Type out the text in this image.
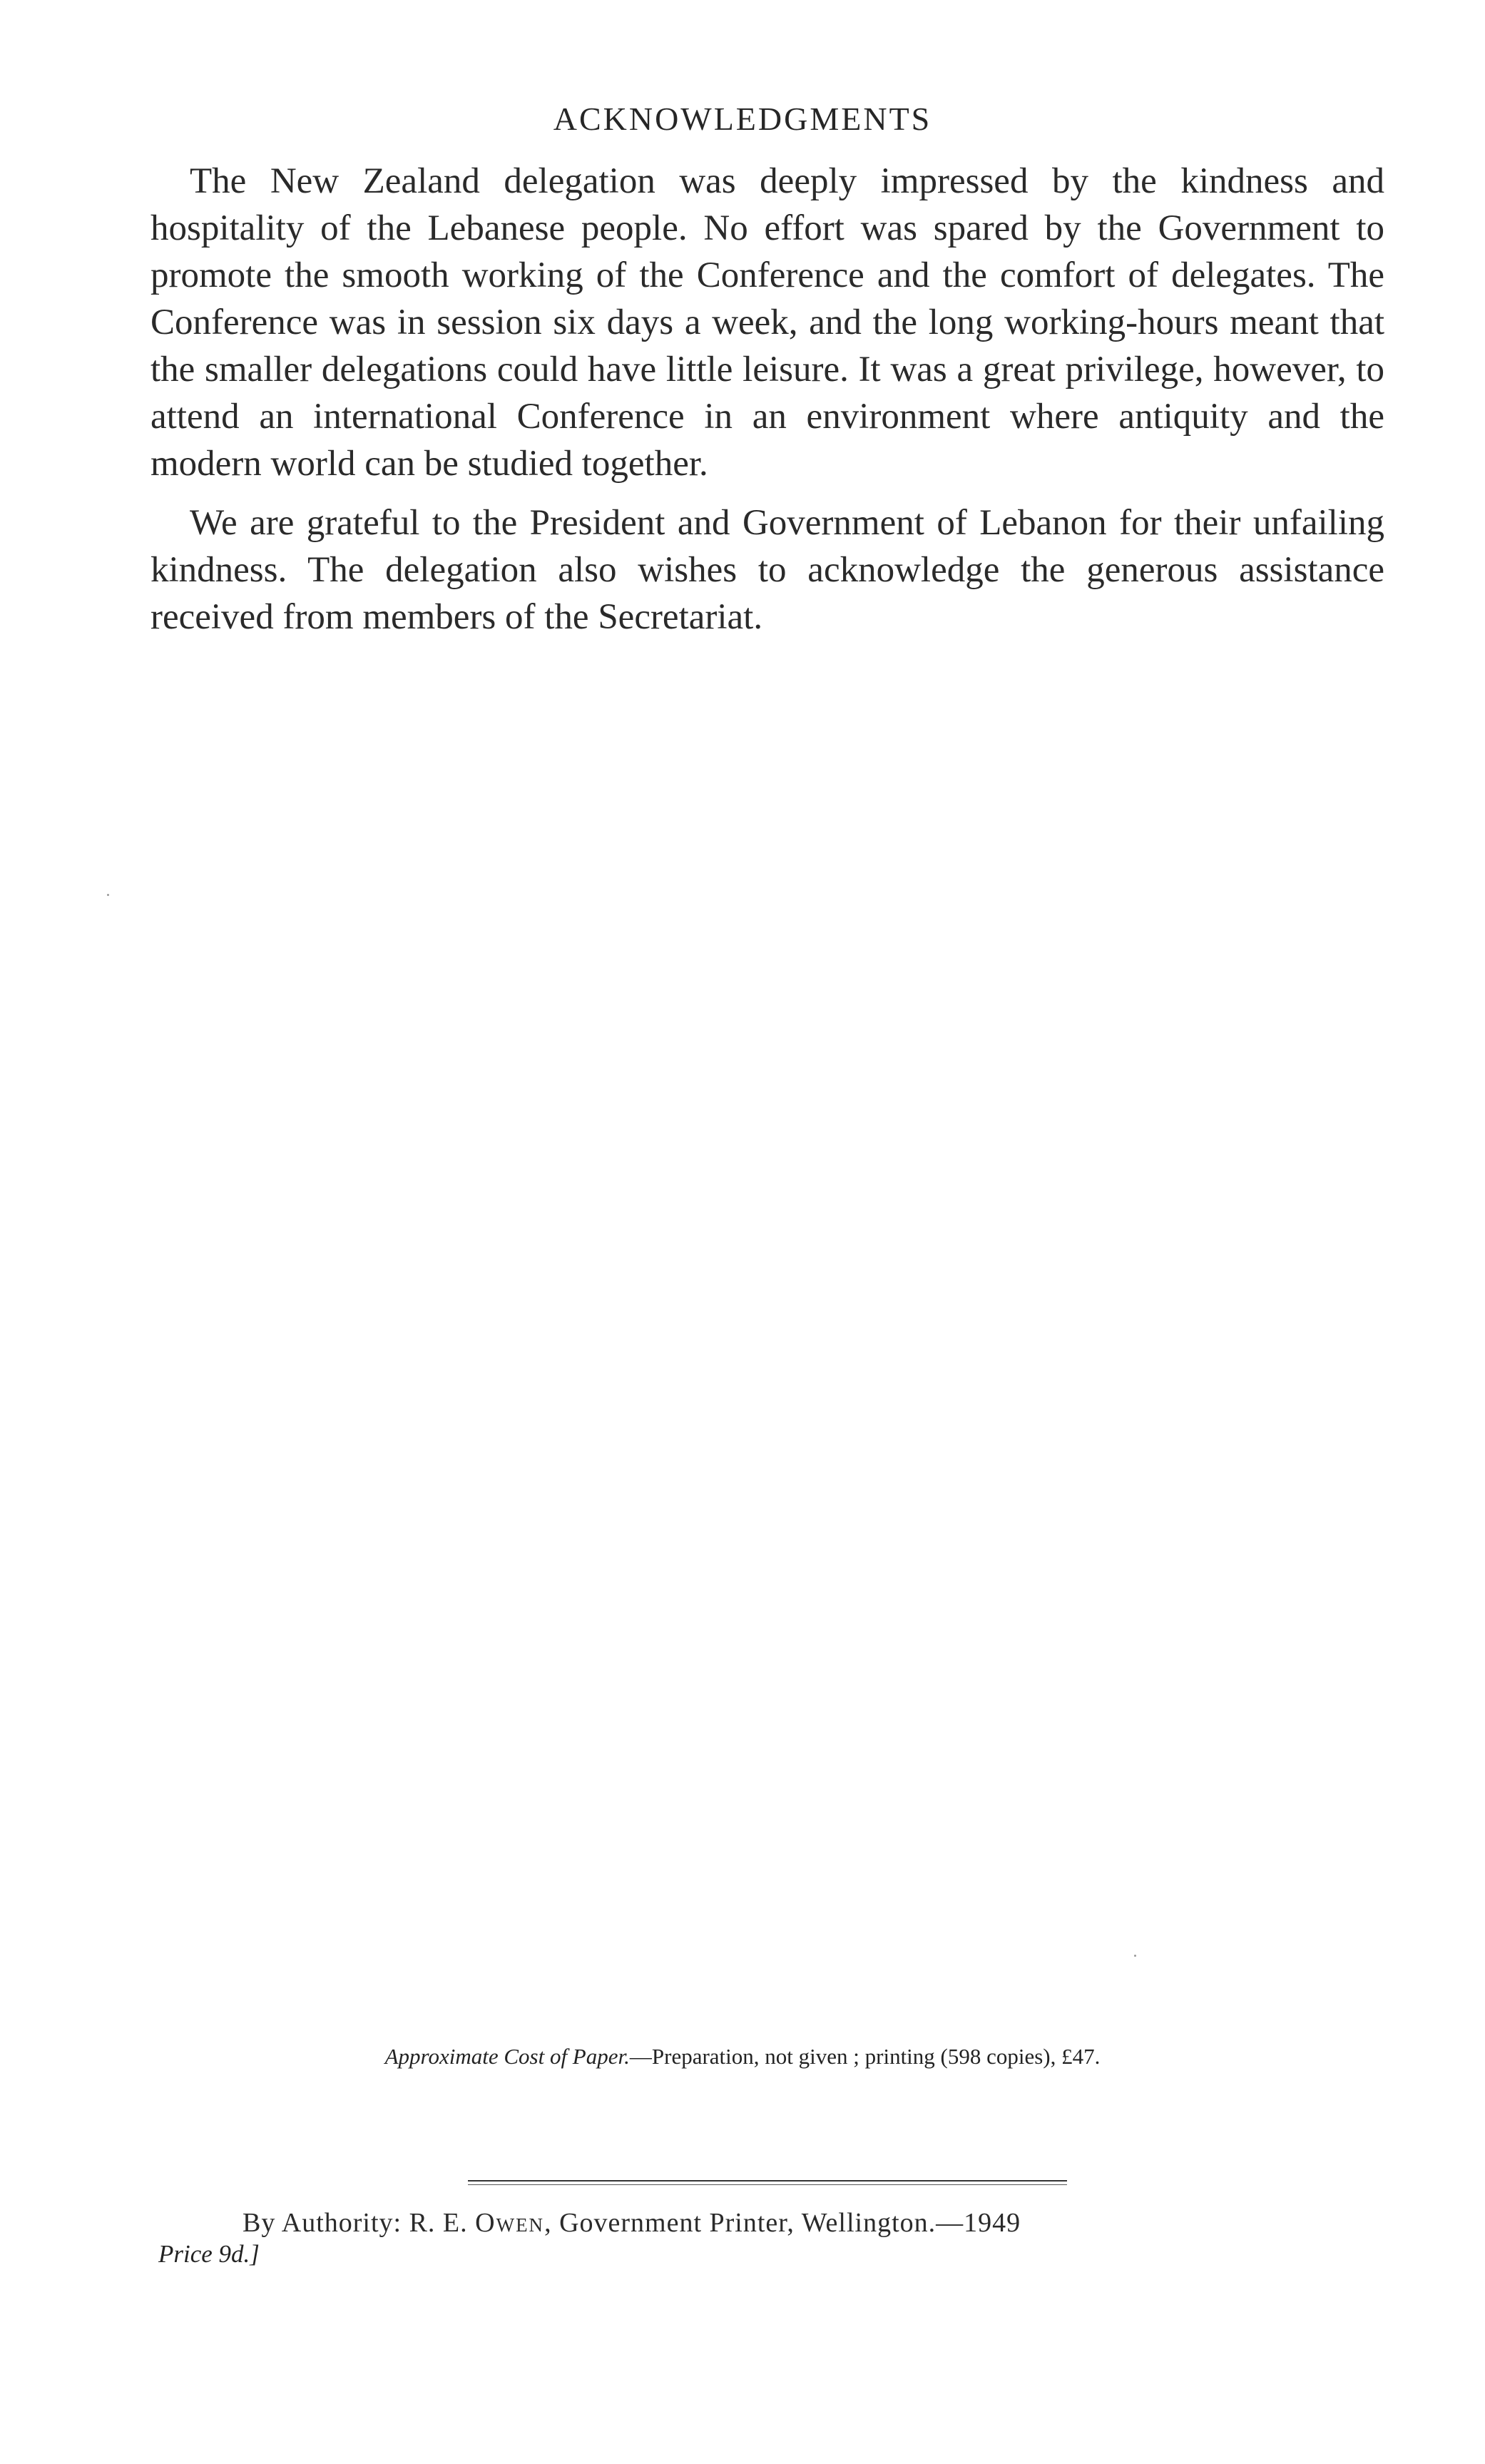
ACKNOWLEDGMENTS

The New Zealand delegation was deeply impressed by the kindness and hospitality of the Lebanese people. No effort was spared by the Government to promote the smooth working of the Conference and the comfort of delegates. The Conference was in session six days a week, and the long working-hours meant that the smaller delegations could have little leisure. It was a great privilege, however, to attend an international Conference in an environment where antiquity and the modern world can be studied together.

We are grateful to the President and Government of Lebanon for their unfailing kindness. The delegation also wishes to acknowledge the generous assistance received from members of the Secretariat.

Approximate Cost of Paper.—Preparation, not given ; printing (598 copies), £47.
By Authority: R. E. Owen, Government Printer, Wellington.—1949
Price 9d.]
